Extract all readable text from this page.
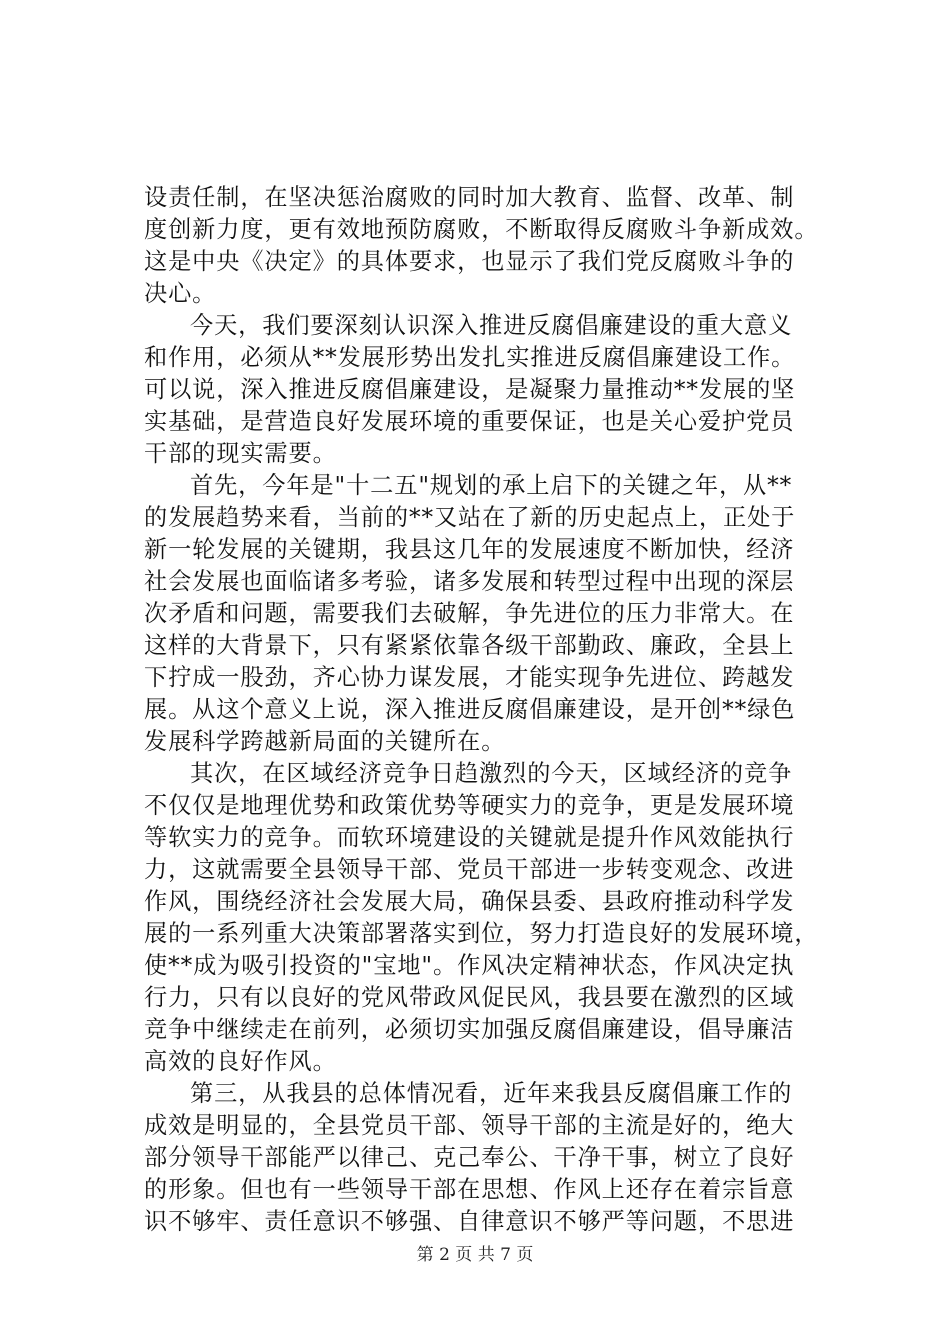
设责任制，在坚决惩治腐败的同时加大教育、监督、改革、制
度创新力度，更有效地预防腐败，不断取得反腐败斗争新成效。
这是中央《决定》的具体要求，也显示了我们党反腐败斗争的
决心。
今天，我们要深刻认识深入推进反腐倡廉建设的重大意义
和作用，必须从**发展形势出发扎实推进反腐倡廉建设工作。
可以说，深入推进反腐倡廉建设，是凝聚力量推动**发展的坚
实基础，是营造良好发展环境的重要保证，也是关心爱护党员
干部的现实需要。
首先，今年是"十二五"规划的承上启下的关键之年，从**
的发展趋势来看，当前的**又站在了新的历史起点上，正处于
新一轮发展的关键期，我县这几年的发展速度不断加快，经济
社会发展也面临诸多考验，诸多发展和转型过程中出现的深层
次矛盾和问题，需要我们去破解，争先进位的压力非常大。在
这样的大背景下，只有紧紧依靠各级干部勤政、廉政，全县上
下拧成一股劲，齐心协力谋发展，才能实现争先进位、跨越发
展。从这个意义上说，深入推进反腐倡廉建设，是开创**绿色
发展科学跨越新局面的关键所在。
其次，在区域经济竞争日趋激烈的今天，区域经济的竞争
不仅仅是地理优势和政策优势等硬实力的竞争，更是发展环境
等软实力的竞争。而软环境建设的关键就是提升作风效能执行
力，这就需要全县领导干部、党员干部进一步转变观念、改进
作风，围绕经济社会发展大局，确保县委、县政府推动科学发
展的一系列重大决策部署落实到位，努力打造良好的发展环境，
使**成为吸引投资的"宝地"。作风决定精神状态，作风决定执
行力，只有以良好的党风带政风促民风，我县要在激烈的区域
竞争中继续走在前列，必须切实加强反腐倡廉建设，倡导廉洁
高效的良好作风。
第三，从我县的总体情况看，近年来我县反腐倡廉工作的
成效是明显的，全县党员干部、领导干部的主流是好的，绝大
部分领导干部能严以律己、克己奉公、干净干事，树立了良好
的形象。但也有一些领导干部在思想、作风上还存在着宗旨意
识不够牢、责任意识不够强、自律意识不够严等问题，不思进
第 2 页 共 7 页
